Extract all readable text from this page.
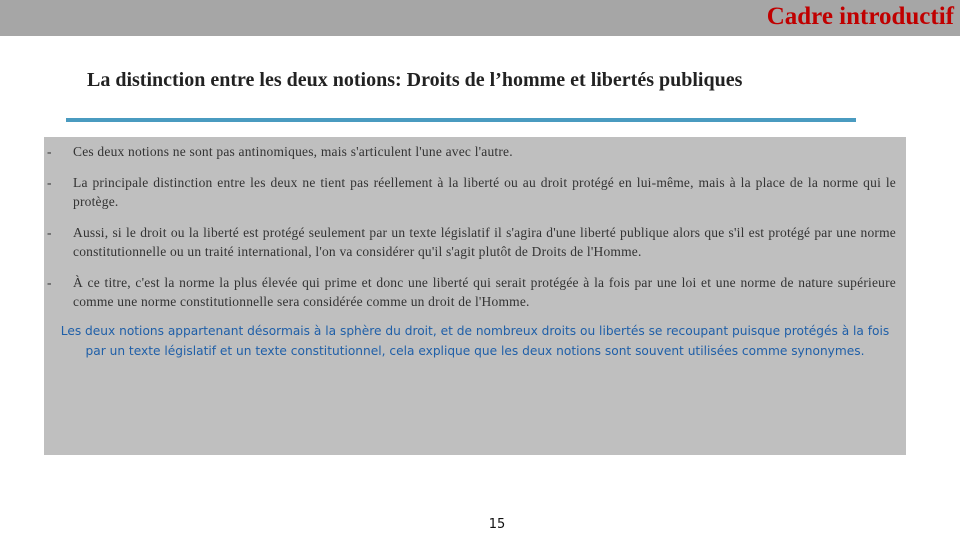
Cadre introductif
La distinction entre les deux notions: Droits de l’homme et libertés publiques
- Ces deux notions ne sont pas antinomiques, mais s'articulent l'une avec l'autre.
- La principale distinction entre les deux ne tient pas réellement à la liberté ou au droit protégé en lui-même, mais à la place de la norme qui le protège.
- Aussi, si le droit ou la liberté est protégé seulement par un texte législatif il s'agira d'une liberté publique alors que s'il est protégé par une norme constitutionnelle ou un traité international, l'on va considérer qu'il s'agit plutôt de Droits de l'Homme.
- À ce titre, c'est la norme la plus élevée qui prime et donc une liberté qui serait protégée à la fois par une loi et une norme de nature supérieure comme une norme constitutionnelle sera considérée comme un droit de l'Homme.

Les deux notions appartenant désormais à la sphère du droit, et de nombreux droits ou libertés se recoupant puisque protégés à la fois par un texte législatif et un texte constitutionnel, cela explique que les deux notions sont souvent utilisées comme synonymes.

15
